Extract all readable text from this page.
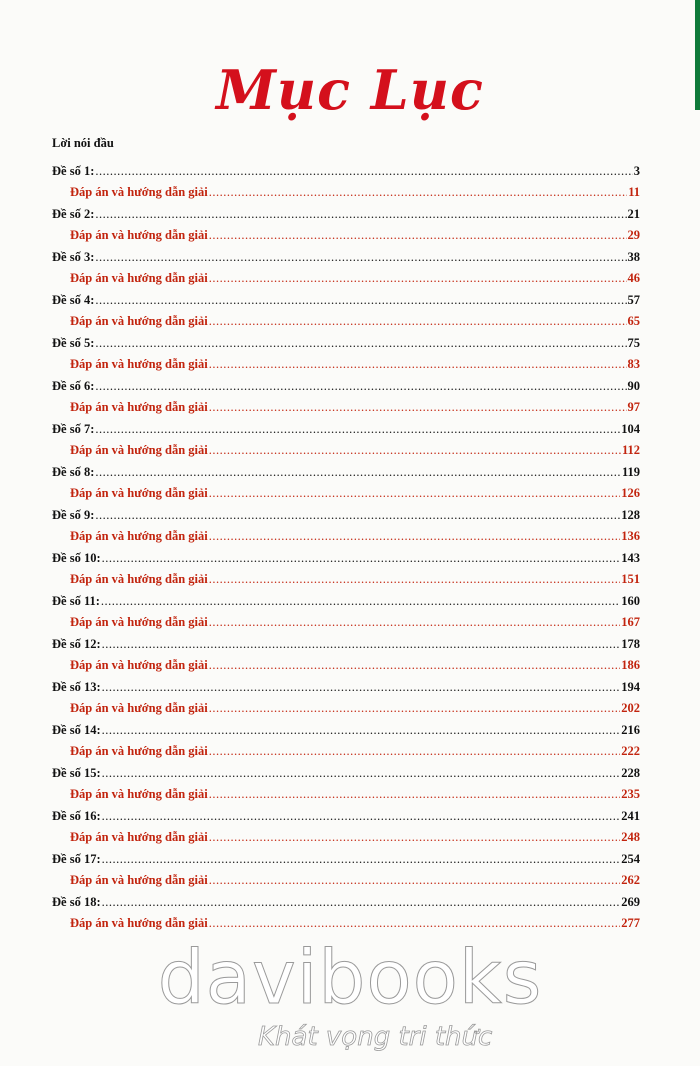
Mục Lục
Lời nói đầu
Đề số 1: .....	3
Đáp án và hướng dẫn giải .....	11
Đề số 2: .....	21
Đáp án và hướng dẫn giải .....	29
Đề số 3: .....	38
Đáp án và hướng dẫn giải .....	46
Đề số 4: .....	57
Đáp án và hướng dẫn giải .....	65
Đề số 5: .....	75
Đáp án và hướng dẫn giải .....	83
Đề số 6: .....	90
Đáp án và hướng dẫn giải .....	97
Đề số 7: .....	104
Đáp án và hướng dẫn giải .....	112
Đề số 8: .....	119
Đáp án và hướng dẫn giải .....	126
Đề số 9: .....	128
Đáp án và hướng dẫn giải .....	136
Đề số 10: .....	143
Đáp án và hướng dẫn giải .....	151
Đề số 11: .....	160
Đáp án và hướng dẫn giải .....	167
Đề số 12: .....	178
Đáp án và hướng dẫn giải .....	186
Đề số 13: .....	194
Đáp án và hướng dẫn giải .....	202
Đề số 14: .....	216
Đáp án và hướng dẫn giải .....	222
Đề số 15: .....	228
Đáp án và hướng dẫn giải .....	235
Đề số 16: .....	241
Đáp án và hướng dẫn giải .....	248
Đề số 17: .....	254
Đáp án và hướng dẫn giải .....	262
Đề số 18: .....	269
Đáp án và hướng dẫn giải .....	277
davibooks
Khát vọng tri thức
